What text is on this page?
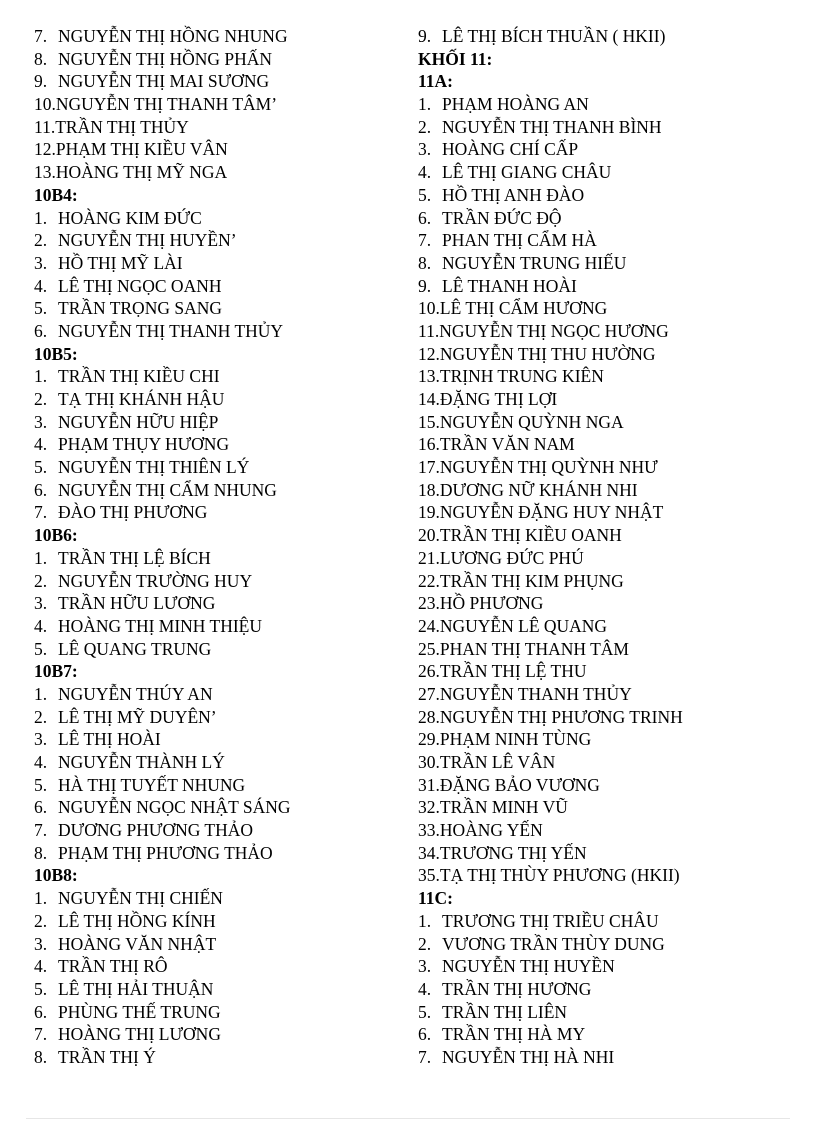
7. NGUYỄN THỊ HỒNG NHUNG
8. NGUYỄN THỊ HỒNG PHẤN
9. NGUYỄN THỊ MAI SƯƠNG
10. NGUYỄN THỊ THANH TÂM’
11. TRẦN THỊ THỦY
12. PHẠM THỊ KIỀU VÂN
13. HOÀNG THỊ MỸ NGA
10B4:
1. HOÀNG KIM ĐỨC
2. NGUYỄN THỊ HUYỀN’
3. HỒ THỊ MỸ LÀI
4. LÊ THỊ NGỌC OANH
5. TRẦN TRỌNG SANG
6. NGUYỄN THỊ THANH THỦY
10B5:
1. TRẦN THỊ KIỀU CHI
2. TẠ THỊ KHÁNH HẬU
3. NGUYỄN HỮU HIỆP
4. PHẠM THỤY HƯƠNG
5. NGUYỄN THỊ THIÊN LÝ
6. NGUYỄN THỊ CẨM NHUNG
7. ĐÀO THỊ PHƯƠNG
10B6:
1. TRẦN THỊ LỆ BÍCH
2. NGUYỄN TRƯỜNG HUY
3. TRẦN HỮU LƯƠNG
4. HOÀNG THỊ MINH THIỆU
5. LÊ QUANG TRUNG
10B7:
1. NGUYỄN THÚY AN
2. LÊ THỊ MỸ DUYÊN’
3. LÊ THỊ HOÀI
4. NGUYỄN THÀNH LÝ
5. HÀ THỊ TUYẾT NHUNG
6. NGUYỄN NGỌC NHẬT SÁNG
7. DƯƠNG PHƯƠNG THẢO
8. PHẠM THỊ PHƯƠNG THẢO
10B8:
1. NGUYỄN THỊ CHIẾN
2. LÊ THỊ HỒNG KÍNH
3. HOÀNG VĂN NHẬT
4. TRẦN THỊ RÔ
5. LÊ THỊ HẢI THUẬN
6. PHÙNG THẾ TRUNG
7. HOÀNG THỊ LƯƠNG
8. TRẦN THỊ Ý
9. LÊ THỊ BÍCH THUẦN ( HKII)
KHỐI 11:
11A:
1. PHẠM HOÀNG AN
2. NGUYỄN THỊ THANH BÌNH
3. HOÀNG CHÍ CẤP
4. LÊ THỊ GIANG CHÂU
5. HỒ THỊ ANH ĐÀO
6. TRẦN ĐỨC ĐỘ
7. PHAN THỊ CẨM HÀ
8. NGUYỄN TRUNG HIẾU
9. LÊ THANH HOÀI
10. LÊ THỊ CẨM HƯƠNG
11. NGUYỄN THỊ NGỌC HƯƠNG
12. NGUYỄN THỊ THU HƯỜNG
13. TRỊNH TRUNG KIÊN
14. ĐẶNG THỊ LỢI
15. NGUYỄN QUỲNH NGA
16. TRẦN VĂN NAM
17. NGUYỄN THỊ QUỲNH NHƯ
18. DƯƠNG NỮ KHÁNH NHI
19. NGUYỄN ĐẶNG HUY NHẬT
20. TRẦN THỊ KIỀU OANH
21. LƯƠNG ĐỨC PHÚ
22. TRẦN THỊ KIM PHỤNG
23. HỒ PHƯƠNG
24. NGUYỄN LÊ QUANG
25. PHAN THỊ THANH TÂM
26. TRẦN THỊ LỆ THU
27. NGUYỄN THANH THỦY
28. NGUYỄN THỊ PHƯƠNG TRINH
29. PHẠM NINH TÙNG
30. TRẦN LÊ VÂN
31. ĐẶNG BẢO VƯƠNG
32. TRẦN MINH VŨ
33. HOÀNG YẾN
34. TRƯƠNG THỊ YẾN
35. TẠ THỊ THÙY PHƯƠNG (HKII)
11C:
1. TRƯƠNG THỊ TRIỀU CHÂU
2. VƯƠNG TRẦN THÙY DUNG
3. NGUYỄN THỊ HUYỀN
4. TRẦN THỊ HƯƠNG
5. TRẦN THỊ LIÊN
6. TRẦN THỊ HÀ MY
7. NGUYỄN THỊ HÀ NHI
